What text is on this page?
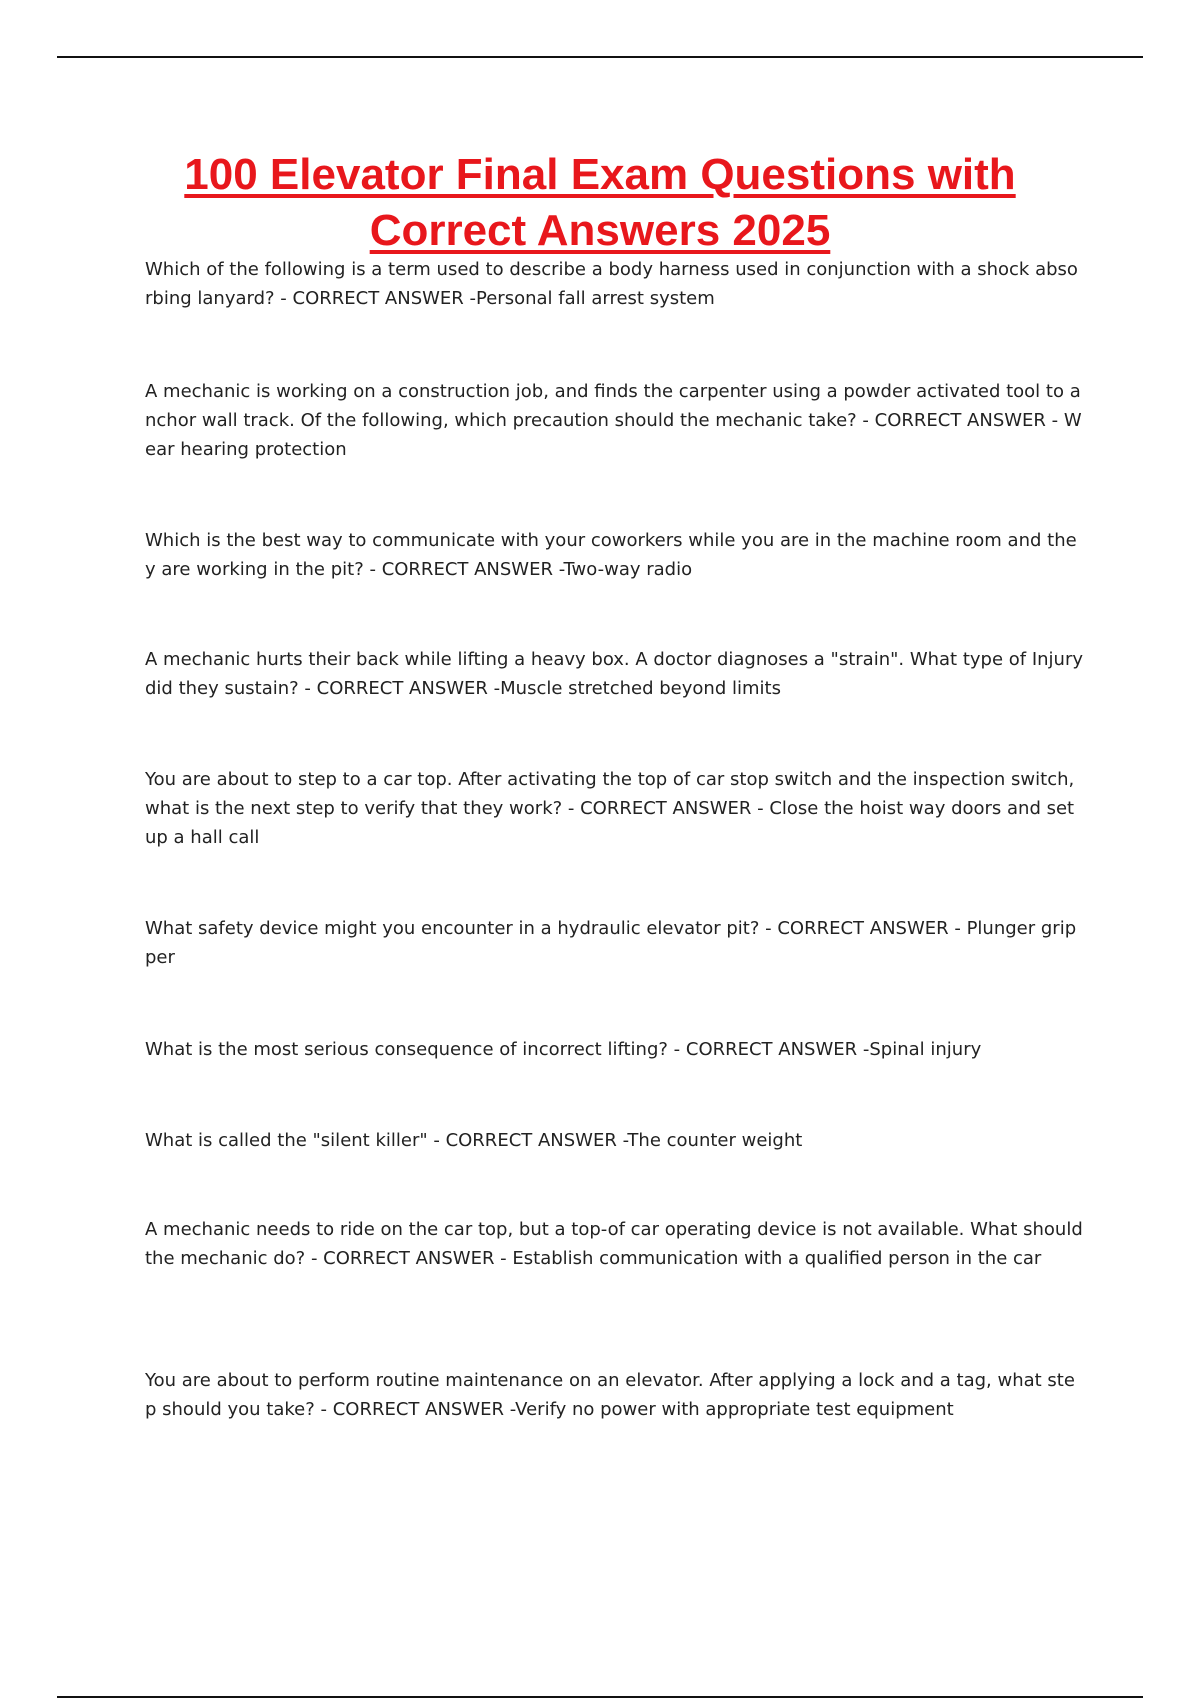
100 Elevator Final Exam Questions with Correct Answers 2025

Which of the following is a term used to describe a body harness used in conjunction with a shock absorbing lanyard? - CORRECT ANSWER -Personal fall arrest system

A mechanic is working on a construction job, and finds the carpenter using a powder activated tool to anchor wall track. Of the following, which precaution should the mechanic take? - CORRECT ANSWER - Wear hearing protection

Which is the best way to communicate with your coworkers while you are in the machine room and they are working in the pit? - CORRECT ANSWER -Two-way radio

A mechanic hurts their back while lifting a heavy box. A doctor diagnoses a "strain". What type of Injury did they sustain? - CORRECT ANSWER -Muscle stretched beyond limits

You are about to step to a car top. After activating the top of car stop switch and the inspection switch, what is the next step to verify that they work? - CORRECT ANSWER - Close the hoist way doors and set up a hall call

What safety device might you encounter in a hydraulic elevator pit? - CORRECT ANSWER - Plunger gripper

What is the most serious consequence of incorrect lifting? - CORRECT ANSWER -Spinal injury

What is called the "silent killer" - CORRECT ANSWER -The counter weight

A mechanic needs to ride on the car top, but a top-of car operating device is not available. What should the mechanic do? - CORRECT ANSWER - Establish communication with a qualified person in the car

You are about to perform routine maintenance on an elevator. After applying a lock and a tag, what step should you take? - CORRECT ANSWER -Verify no power with appropriate test equipment
